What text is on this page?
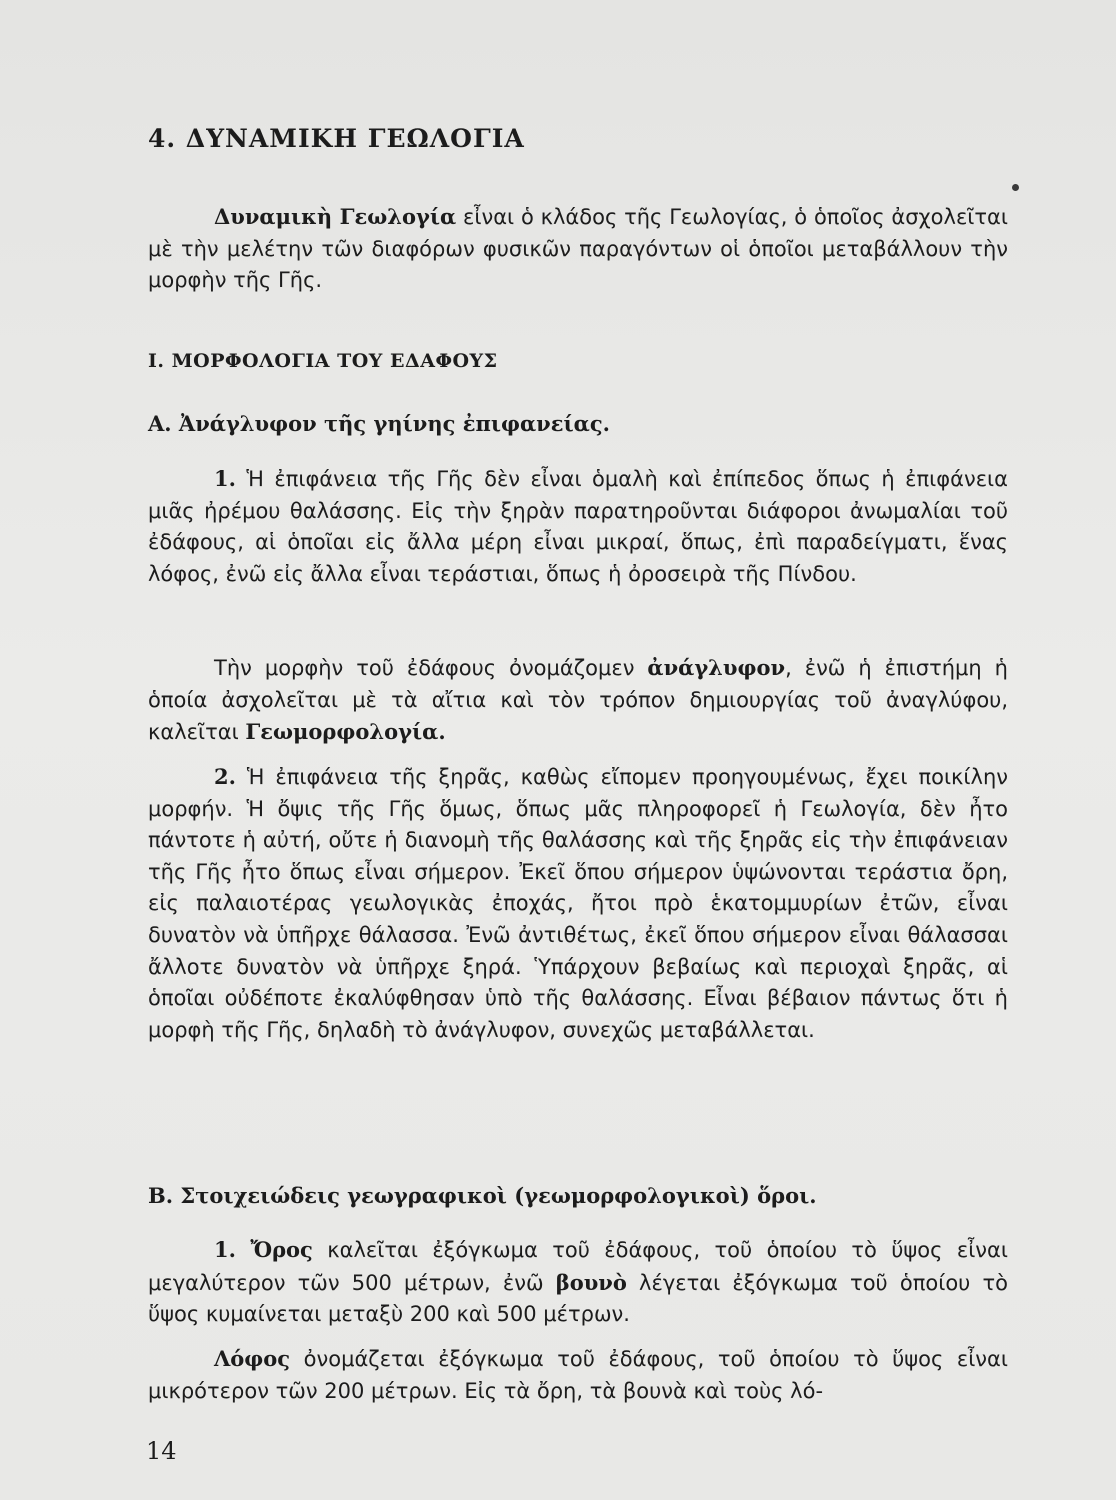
4. ΔΥΝΑΜΙΚΗ ΓΕΩΛΟΓΙΑ
Δυναμικὴ Γεωλογία εἶναι ὁ κλάδος τῆς Γεωλογίας, ὁ ὁποῖος ἀσχολεῖται μὲ τὴν μελέτην τῶν διαφόρων φυσικῶν παραγόντων οἱ ὁποῖοι μεταβάλλουν τὴν μορφὴν τῆς Γῆς.
I. ΜΟΡΦΟΛΟΓΙΑ ΤΟΥ ΕΔΑΦΟΥΣ
Α. Ἀνάγλυφον τῆς γηίνης ἐπιφανείας.
1. Ἡ ἐπιφάνεια τῆς Γῆς δὲν εἶναι ὁμαλὴ καὶ ἐπίπεδος ὅπως ἡ ἐπιφάνεια μιᾶς ἠρέμου θαλάσσης. Εἰς τὴν ξηρὰν παρατηροῦνται διάφοροι ἀνωμαλίαι τοῦ ἐδάφους, αἱ ὁποῖαι εἰς ἄλλα μέρη εἶναι μικραί, ὅπως, ἐπὶ παραδείγματι, ἕνας λόφος, ἐνῶ εἰς ἄλλα εἶναι τεράστιαι, ὅπως ἡ ὀροσειρὰ τῆς Πίνδου.
Τὴν μορφὴν τοῦ ἐδάφους ὀνομάζομεν ἀνάγλυφον, ἐνῶ ἡ ἐπιστήμη ἡ ὁποία ἀσχολεῖται μὲ τὰ αἴτια καὶ τὸν τρόπον δημιουργίας τοῦ ἀναγλύφου, καλεῖται Γεωμορφολογία.
2. Ἡ ἐπιφάνεια τῆς ξηρᾶς, καθὼς εἴπομεν προηγουμένως, ἔχει ποικίλην μορφήν. Ἡ ὄψις τῆς Γῆς ὅμως, ὅπως μᾶς πληροφορεῖ ἡ Γεωλογία, δὲν ἦτο πάντοτε ἡ αὐτή, οὔτε ἡ διανομὴ τῆς θαλάσσης καὶ τῆς ξηρᾶς εἰς τὴν ἐπιφάνειαν τῆς Γῆς ἦτο ὅπως εἶναι σήμερον. Ἐκεῖ ὅπου σήμερον ὑψώνονται τεράστια ὄρη, εἰς παλαιοτέρας γεωλογικὰς ἐποχάς, ἤτοι πρὸ ἑκατομμυρίων ἐτῶν, εἶναι δυνατὸν νὰ ὑπῆρχε θάλασσα. Ἐνῶ ἀντιθέτως, ἐκεῖ ὅπου σήμερον εἶναι θάλασσαι ἄλλοτε δυνατὸν νὰ ὑπῆρχε ξηρά. Ὑπάρχουν βεβαίως καὶ περιοχαὶ ξηρᾶς, αἱ ὁποῖαι οὐδέποτε ἐκαλύφθησαν ὑπὸ τῆς θαλάσσης. Εἶναι βέβαιον πάντως ὅτι ἡ μορφὴ τῆς Γῆς, δηλαδὴ τὸ ἀνάγλυφον, συνεχῶς μεταβάλλεται.
Β. Στοιχειώδεις γεωγραφικοὶ (γεωμορφολογικοὶ) ὅροι.
1. Ὄρος καλεῖται ἐξόγκωμα τοῦ ἐδάφους, τοῦ ὁποίου τὸ ὕψος εἶναι μεγαλύτερον τῶν 500 μέτρων, ἐνῶ βουνὸ λέγεται ἐξόγκωμα τοῦ ὁποίου τὸ ὕψος κυμαίνεται μεταξὺ 200 καὶ 500 μέτρων.
Λόφος ὀνομάζεται ἐξόγκωμα τοῦ ἐδάφους, τοῦ ὁποίου τὸ ὕψος εἶναι μικρότερον τῶν 200 μέτρων. Εἰς τὰ ὄρη, τὰ βουνὰ καὶ τοὺς λό-
14
